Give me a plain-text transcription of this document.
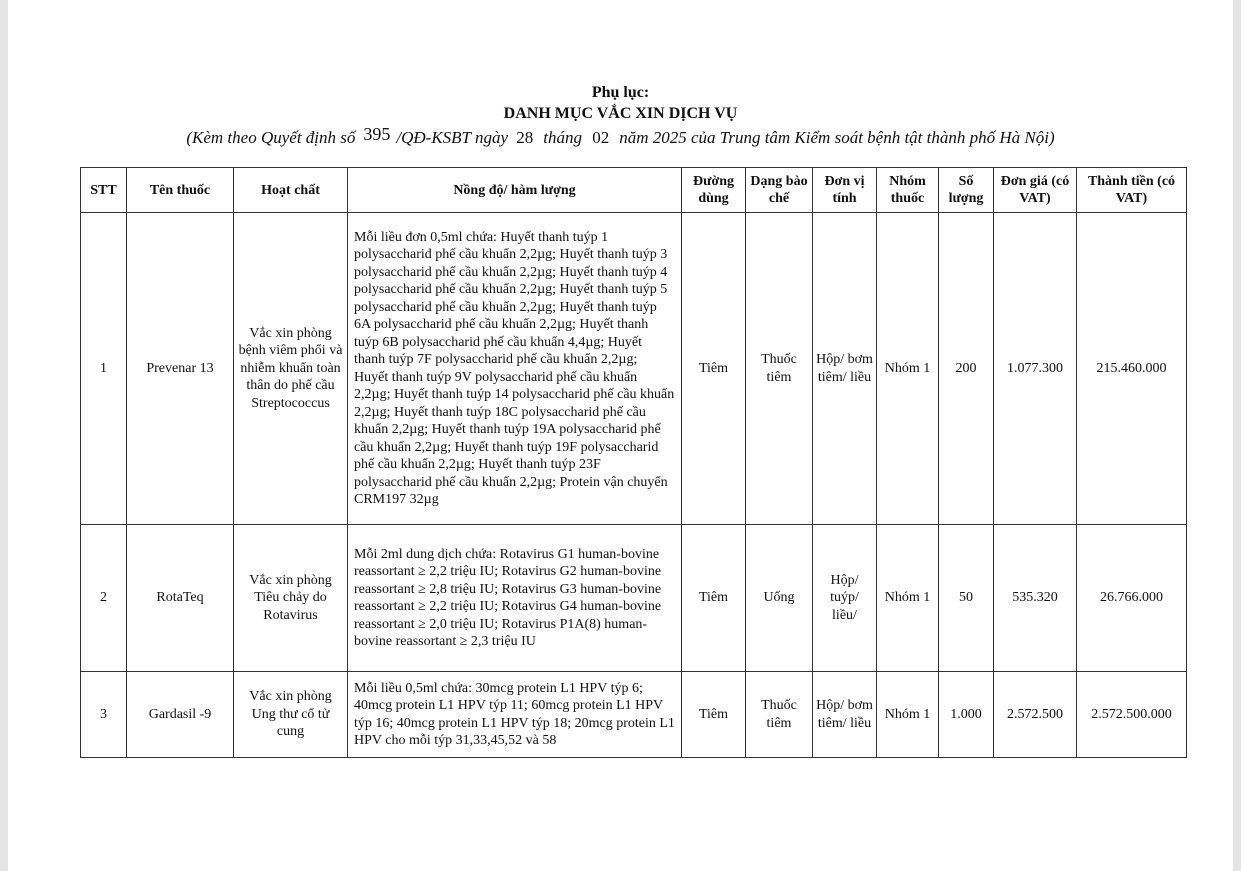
Phụ lục:
DANH MỤC VẮC XIN DỊCH VỤ
(Kèm theo Quyết định số 395 /QĐ-KSBT ngày 28 tháng 02 năm 2025 của Trung tâm Kiểm soát bệnh tật thành phố Hà Nội)
STT	Tên thuốc	Hoạt chất	Nồng độ/ hàm lượng	Đường dùng	Dạng bào chế	Đơn vị tính	Nhóm thuốc	Số lượng	Đơn giá (có VAT)	Thành tiền (có VAT)
1	Prevenar 13	Vắc xin phòng bệnh viêm phổi và nhiễm khuẩn toàn thân do phế cầu Streptococcus	Mỗi liều đơn 0,5ml chứa: Huyết thanh tuýp 1 polysaccharid phế cầu khuẩn 2,2µg; Huyết thanh tuýp 3 polysaccharid phế cầu khuẩn 2,2µg; Huyết thanh tuýp 4 polysaccharid phế cầu khuẩn 2,2µg; Huyết thanh tuýp 5 polysaccharid phế cầu khuẩn 2,2µg; Huyết thanh tuýp 6A polysaccharid phế cầu khuẩn 2,2µg; Huyết thanh tuýp 6B polysaccharid phế cầu khuẩn 4,4µg; Huyết thanh tuýp 7F polysaccharid phế cầu khuẩn 2,2µg; Huyết thanh tuýp 9V polysaccharid phế cầu khuẩn 2,2µg; Huyết thanh tuýp 14 polysaccharid phế cầu khuẩn 2,2µg; Huyết thanh tuýp 18C polysaccharid phế cầu khuẩn 2,2µg; Huyết thanh tuýp 19A polysaccharid phế cầu khuẩn 2,2µg; Huyết thanh tuýp 19F polysaccharid phế cầu khuẩn 2,2µg; Huyết thanh tuýp 23F polysaccharid phế cầu khuẩn 2,2µg; Protein vận chuyển CRM197 32µg	Tiêm	Thuốc tiêm	Hộp/ bơm tiêm/ liều	Nhóm 1	200	1.077.300	215.460.000
2	RotaTeq	Vắc xin phòng Tiêu chảy do Rotavirus	Mỗi 2ml dung dịch chứa: Rotavirus G1 human-bovine reassortant ≥ 2,2 triệu IU; Rotavirus G2 human-bovine reassortant ≥ 2,8 triệu IU; Rotavirus G3 human-bovine reassortant ≥ 2,2 triệu IU; Rotavirus G4 human-bovine reassortant ≥ 2,0 triệu IU; Rotavirus P1A(8) human-bovine reassortant ≥ 2,3 triệu IU	Tiêm	Uống	Hộp/ tuýp/ liều/	Nhóm 1	50	535.320	26.766.000
3	Gardasil -9	Vắc xin phòng Ung thư cổ tử cung	Mỗi liều 0,5ml chứa: 30mcg protein L1 HPV týp 6; 40mcg protein L1 HPV týp 11; 60mcg protein L1 HPV týp 16; 40mcg protein L1 HPV týp 18; 20mcg protein L1 HPV cho mỗi týp 31,33,45,52 và 58	Tiêm	Thuốc tiêm	Hộp/ bơm tiêm/ liều	Nhóm 1	1.000	2.572.500	2.572.500.000
